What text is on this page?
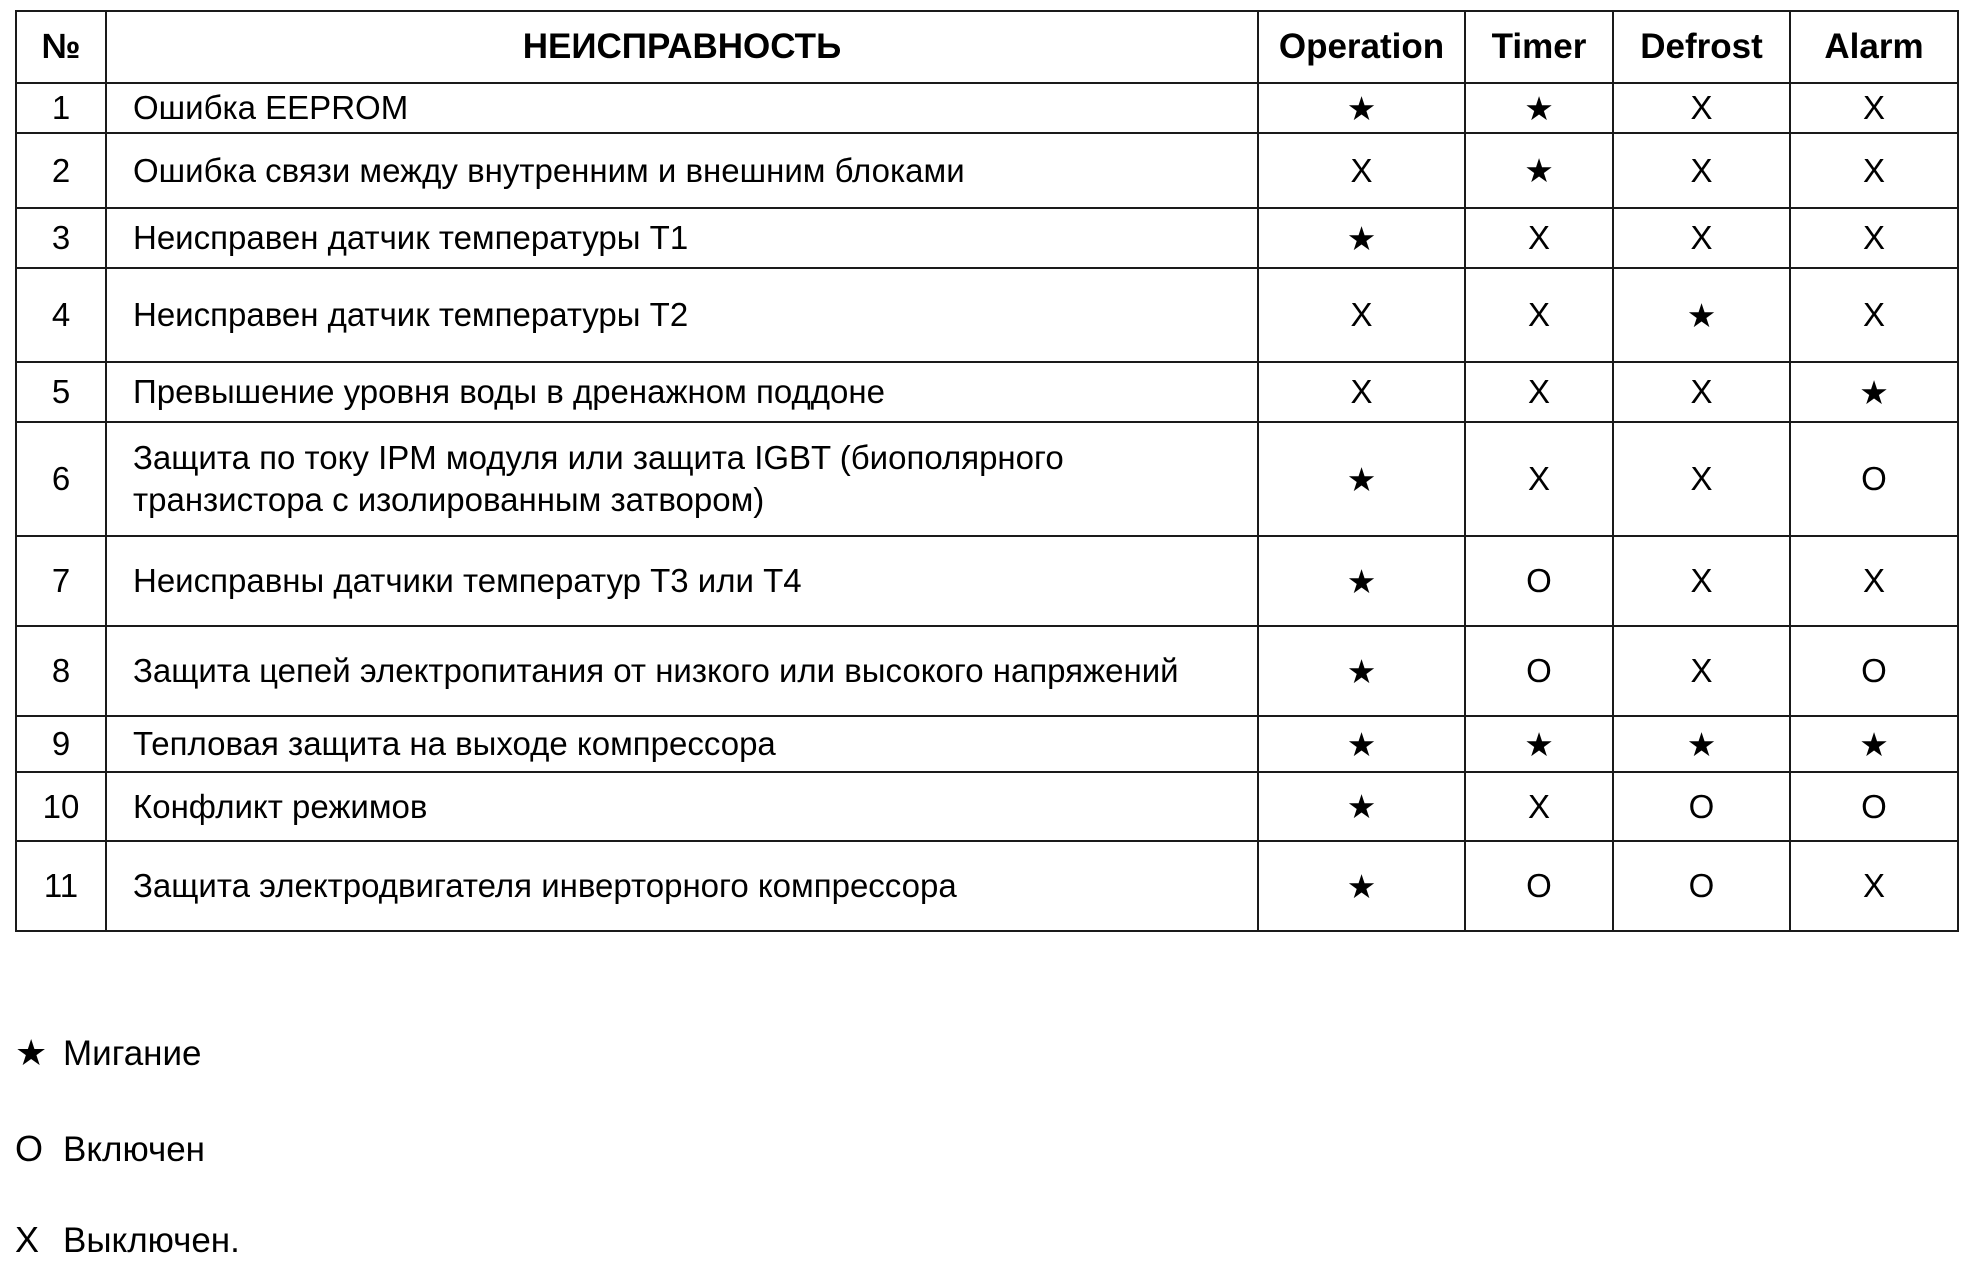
№	НЕИСПРАВНОСТЬ	Operation	Timer	Defrost	Alarm
1	Ошибка EEPROM	★	★	X	X
2	Ошибка связи между внутренним и внешним блоками	X	★	X	X
3	Неисправен датчик температуры Т1	★	X	X	X
4	Неисправен датчик температуры Т2	X	X	★	X
5	Превышение уровня воды в дренажном поддоне	X	X	X	★
6	Защита по току IPM модуля или защита IGBT (биополярного транзистора с изолированным затвором)	★	X	X	O
7	Неисправны датчики температур Т3 или Т4	★	O	X	X
8	Защита цепей электропитания от низкого или высокого напряжений	★	O	X	O
9	Тепловая защита на выходе компрессора	★	★	★	★
10	Конфликт режимов	★	X	O	O
11	Защита электродвигателя инверторного компрессора	★	O	O	X
★ Мигание
O Включен
X Выключен.
